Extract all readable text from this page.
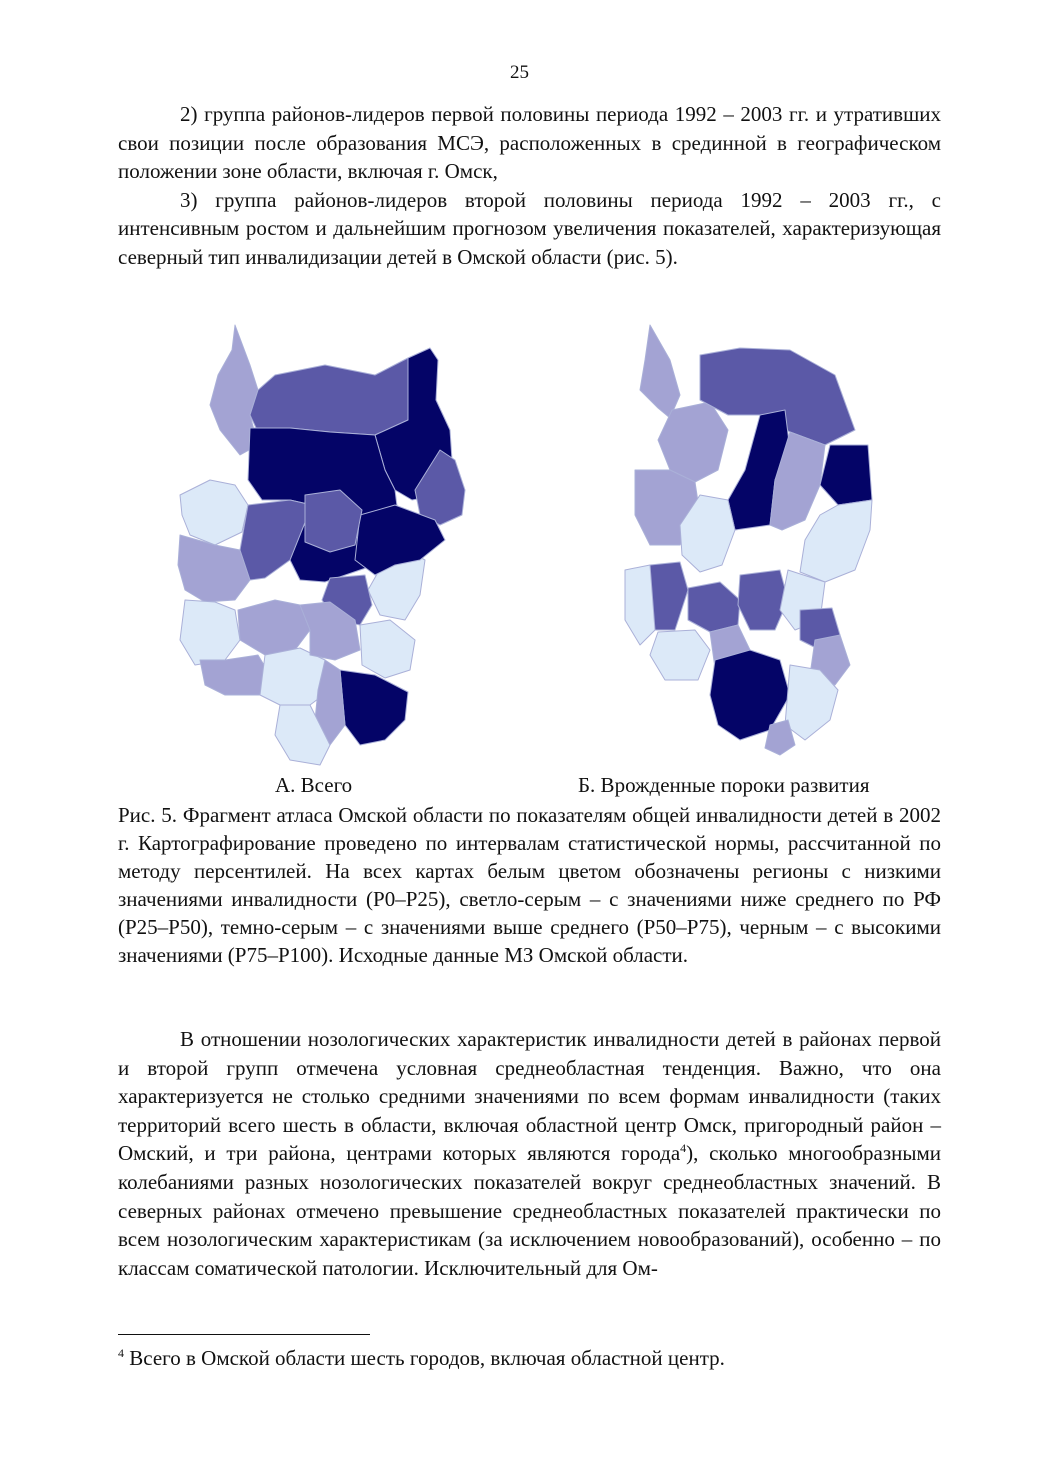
25

2) группа районов-лидеров первой половины периода 1992 – 2003 гг. и утративших свои позиции после образования МСЭ, расположенных в срединной в географическом положении зоне области, включая г. Омск,

3) группа районов-лидеров второй половины периода 1992 – 2003 гг., с интенсивным ростом и дальнейшим прогнозом увеличения показателей, характеризующая северный тип инвалидизации детей в Омской области (рис. 5).

А. Всего	Б. Врожденные пороки развития

Рис. 5. Фрагмент атласа Омской области по показателям общей инвалидности детей в 2002 г. Картографирование проведено по интервалам статистической нормы, рассчитанной по методу персентилей. На всех картах белым цветом обозначены регионы с низкими значениями инвалидности (P0–P25), светло-серым – с значениями ниже среднего по РФ (P25–P50), темно-серым – с значениями выше среднего (P50–P75), черным – с высокими значениями (P75–P100). Исходные данные МЗ Омской области.

В отношении нозологических характеристик инвалидности детей в районах первой и второй групп отмечена условная среднеобластная тенденция. Важно, что она характеризуется не столько средними значениями по всем формам инвалидности (таких территорий всего шесть в области, включая областной центр Омск, пригородный район – Омский, и три района, центрами которых являются города$^4$), сколько многообразными колебаниями разных нозологических показателей вокруг среднеобластных значений. В северных районах отмечено превышение среднеобластных показателей практически по всем нозологическим характеристикам (за исключением новообразований), особенно – по классам соматической патологии. Исключительный для Ом-

$^4$ Всего в Омской области шесть городов, включая областной центр.
